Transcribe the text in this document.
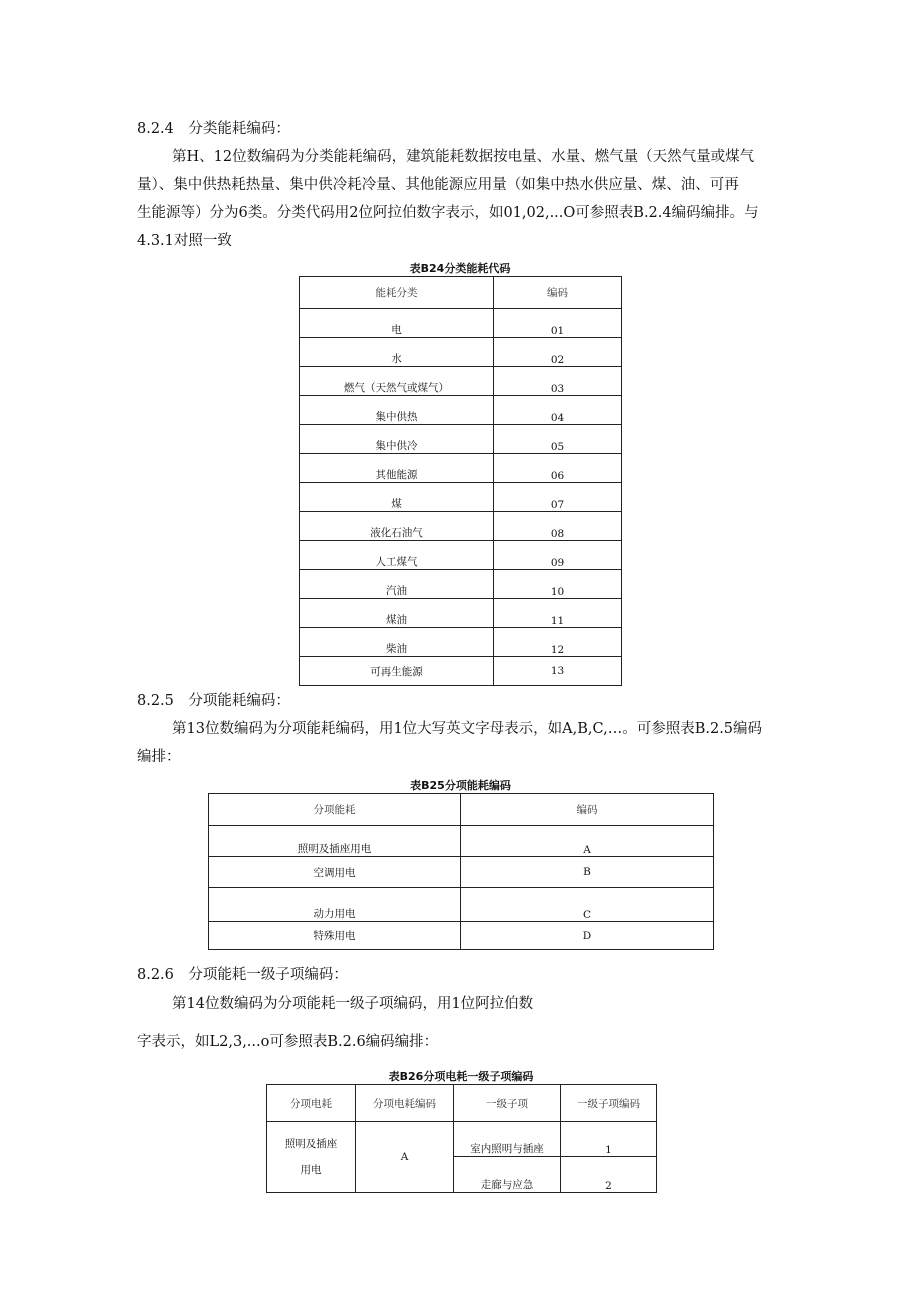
8.2.4　分类能耗编码：
第H、12位数编码为分类能耗编码，建筑能耗数据按电量、水量、燃气量（天然气量或煤气
量）、集中供热耗热量、集中供冷耗冷量、其他能源应用量（如集中热水供应量、煤、油、可再
生能源等）分为6类。分类代码用2位阿拉伯数字表示，如01,02,...O可参照表B.2.4编码编排。与
4.3.1对照一致
表B24分类能耗代码
能耗分类	编码
电	01
水	02
燃气（天然气或煤气）	03
集中供热	04
集中供冷	05
其他能源	06
煤	07
液化石油气	08
人工煤气	09
汽油	10
煤油	11
柴油	12
可再生能源	13
8.2.5　分项能耗编码：
第13位数编码为分项能耗编码，用1位大写英文字母表示，如A,B,C,…。可参照表B.2.5编码
编排：
表B25分项能耗编码
分项能耗	编码
照明及插座用电	A
空调用电	B
动力用电	C
特殊用电	D
8.2.6　分项能耗一级子项编码：
第14位数编码为分项能耗一级子项编码，用1位阿拉伯数
字表示，如L2,3,...o可参照表B.2.6编码编排：
表B26分项电耗一级子项编码
分项电耗	分项电耗编码	一级子项	一级子项编码

照明及插座
用电	A	室内照明与插座	1
		走廊与应急	2
